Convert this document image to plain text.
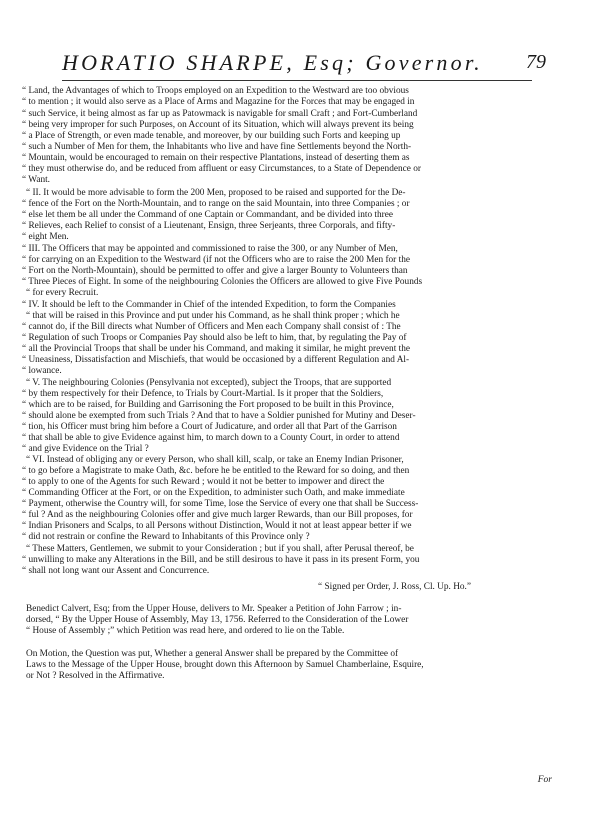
HORATIO SHARPE, Esq; Governor. 79
“ Land, the Advantages of which to Troops employed on an Expedition to the Westward are too obvious
“ to mention ; it would also serve as a Place of Arms and Magazine for the Forces that may be engaged in
“ such Service, it being almost as far up as Patowmack is navigable for small Craft ; and Fort-Cumberland
“ being very improper for such Purposes, on Account of its Situation, which will always prevent its being
“ a Place of Strength, or even made tenable, and moreover, by our building such Forts and keeping up
“ such a Number of Men for them, the Inhabitants who live and have fine Settlements beyond the North-
“ Mountain, would be encouraged to remain on their respective Plantations, instead of deserting them as
“ they must otherwise do, and be reduced from affluent or easy Circumstances, to a State of Dependence or
“ Want.
“ II. It would be more advisable to form the 200 Men, proposed to be raised and supported for the De-
“ fence of the Fort on the North-Mountain, and to range on the said Mountain, into three Companies ; or
“ else let them be all under the Command of one Captain or Commandant, and be divided into three
“ Relieves, each Relief to consist of a Lieutenant, Ensign, three Serjeants, three Corporals, and fifty-
“ eight Men.
“ III. The Officers that may be appointed and commissioned to raise the 300, or any Number of Men,
“ for carrying on an Expedition to the Westward (if not the Officers who are to raise the 200 Men for the
“ Fort on the North-Mountain), should be permitted to offer and give a larger Bounty to Volunteers than
“ Three Pieces of Eight. In some of the neighbouring Colonies the Officers are allowed to give Five Pounds
“ for every Recruit.
“ IV. It should be left to the Commander in Chief of the intended Expedition, to form the Companies
“ that will be raised in this Province and put under his Command, as he shall think proper ; which he
“ cannot do, if the Bill directs what Number of Officers and Men each Company shall consist of : The
“ Regulation of such Troops or Companies Pay should also be left to him, that, by regulating the Pay of
“ all the Provincial Troops that shall be under his Command, and making it similar, he might prevent the
“ Uneasiness, Dissatisfaction and Mischiefs, that would be occasioned by a different Regulation and Al-
“ lowance.
“ V. The neighbouring Colonies (Pensylvania not excepted), subject the Troops, that are supported
“ by them respectively for their Defence, to Trials by Court-Martial. Is it proper that the Soldiers,
“ which are to be raised, for Building and Garrisoning the Fort proposed to be built in this Province,
“ should alone be exempted from such Trials ? And that to have a Soldier punished for Mutiny and Deser-
“ tion, his Officer must bring him before a Court of Judicature, and order all that Part of the Garrison
“ that shall be able to give Evidence against him, to march down to a County Court, in order to attend
“ and give Evidence on the Trial ?
“ VI. Instead of obliging any or every Person, who shall kill, scalp, or take an Enemy Indian Prisoner,
“ to go before a Magistrate to make Oath, &c. before he be entitled to the Reward for so doing, and then
“ to apply to one of the Agents for such Reward ; would it not be better to impower and direct the
“ Commanding Officer at the Fort, or on the Expedition, to administer such Oath, and make immediate
“ Payment, otherwise the Country will, for some Time, lose the Service of every one that shall be Success-
“ ful ? And as the neighbouring Colonies offer and give much larger Rewards, than our Bill proposes, for
“ Indian Prisoners and Scalps, to all Persons without Distinction, Would it not at least appear better if we
“ did not restrain or confine the Reward to Inhabitants of this Province only ?
“ These Matters, Gentlemen, we submit to your Consideration ; but if you shall, after Perusal thereof, be
“ unwilling to make any Alterations in the Bill, and be still desirous to have it pass in its present Form, you
“ shall not long want our Assent and Concurrence.
“ Signed per Order, J. Ross, Cl. Up. Ho.”
Benedict Calvert, Esq; from the Upper House, delivers to Mr. Speaker a Petition of John Farrow ; in-
dorsed, “ By the Upper House of Assembly, May 13, 1756. Referred to the Consideration of the Lower
“ House of Assembly ;” which Petition was read here, and ordered to lie on the Table.
On Motion, the Question was put, Whether a general Answer shall be prepared by the Committee of
Laws to the Message of the Upper House, brought down this Afternoon by Samuel Chamberlaine, Esquire,
or Not ? Resolved in the Affirmative.
For
